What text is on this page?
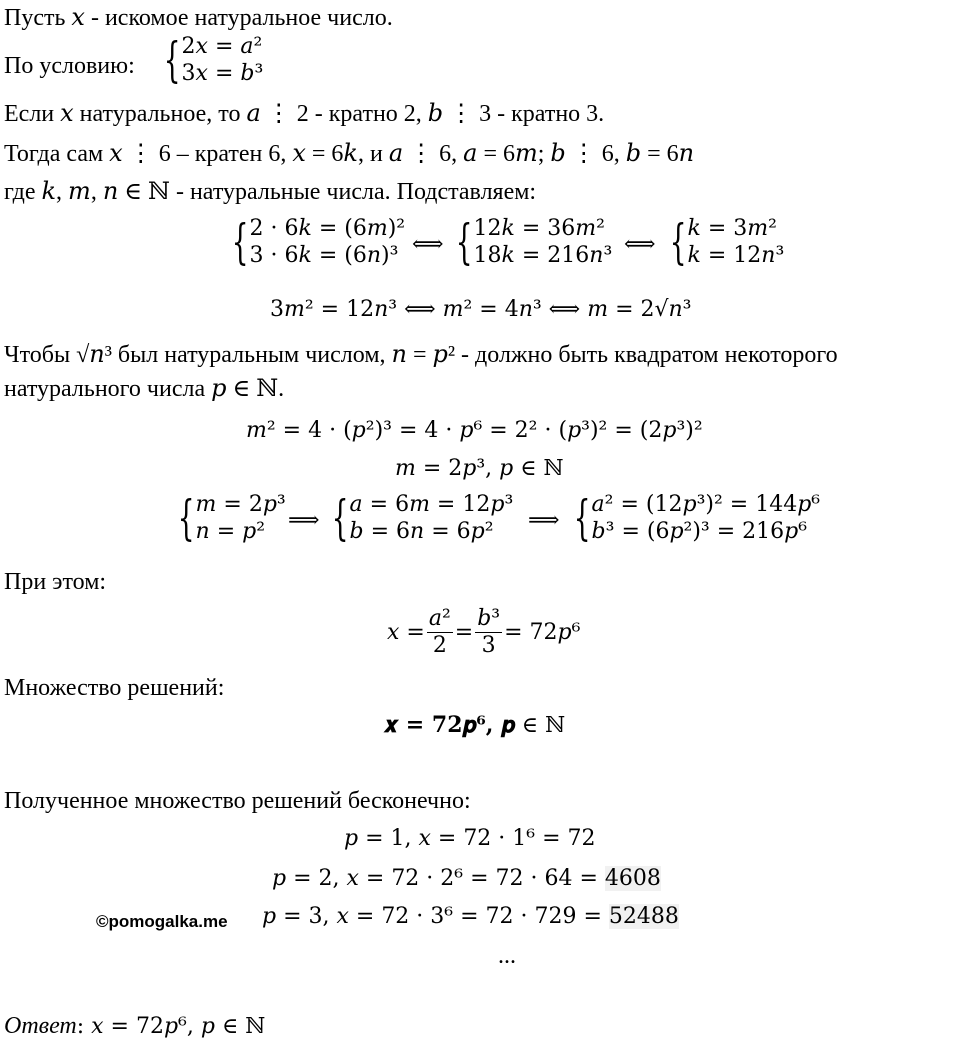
Пусть 𝑥 - искомое натуральное число.
По условию: { 2𝑥 = 𝑎²
3𝑥 = 𝑏³
Если 𝑥 натуральное, то 𝑎 ⋮ 2 - кратно 2, 𝑏 ⋮ 3 - кратно 3.
Тогда сам 𝑥 ⋮ 6 – кратен 6, 𝑥 = 6𝑘, и 𝑎 ⋮ 6, 𝑎 = 6𝑚; 𝑏 ⋮ 6, 𝑏 = 6𝑛
где 𝑘, 𝑚, 𝑛 ∈ ℕ - натуральные числа. Подставляем:
{ 2 · 6𝑘 = (6𝑚)²
3 · 6𝑘 = (6𝑛)³ ⟺ { 12𝑘 = 36𝑚²
18𝑘 = 216𝑛³ ⟺ { 𝑘 = 3𝑚²
𝑘 = 12𝑛³
3𝑚² = 12𝑛³ ⟺ 𝑚² = 4𝑛³ ⟺ 𝑚 = 2√𝑛³
Чтобы √𝑛³ был натуральным числом, 𝑛 = 𝑝² - должно быть квадратом некоторого
натурального числа 𝑝 ∈ ℕ.
𝑚² = 4 · (𝑝²)³ = 4 · 𝑝⁶ = 2² · (𝑝³)² = (2𝑝³)²
𝑚 = 2𝑝³, 𝑝 ∈ ℕ
{ 𝑚 = 2𝑝³
𝑛 = 𝑝²	⟹ { 𝑎 = 6𝑚 = 12𝑝³
𝑏 = 6𝑛 = 6𝑝²	⟹ { 𝑎² = (12𝑝³)² = 144𝑝⁶
𝑏³ = (6𝑝²)³ = 216𝑝⁶
При этом:
𝑥 = $\frac{\text{𝑎²}}{2} = \frac{\text{𝑏³}}{3}$ = 72𝑝⁶
Множество решений:
𝒙 = 𝟕𝟐𝒑⁶, 𝒑 ∈ ℕ
Полученное множество решений бесконечно:
𝑝 = 1, 𝑥 = 72 · 1⁶ = 72
𝑝 = 2, 𝑥 = 72 · 2⁶ = 72 · 64 = 4608
©pomogalka.me 𝑝 = 3, 𝑥 = 72 · 3⁶ = 72 · 729 = 52488
...
Ответ: 𝑥 = 72𝑝⁶, 𝑝 ∈ ℕ
